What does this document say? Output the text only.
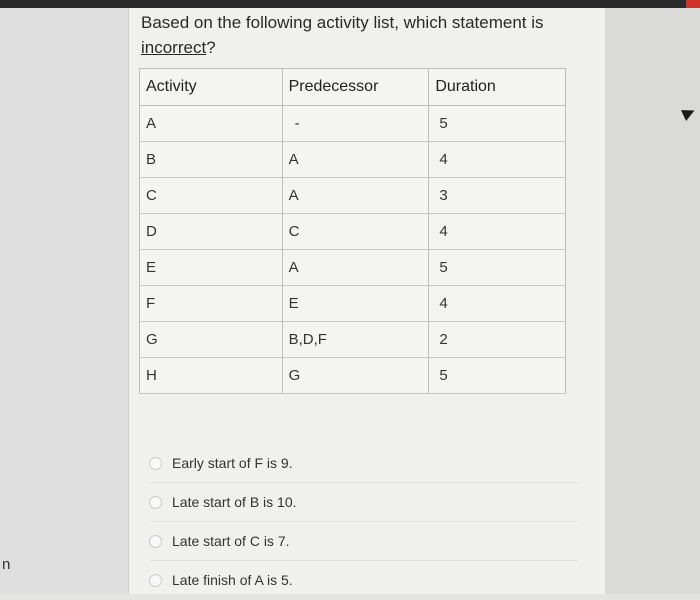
n
Based on the following activity list, which statement is incorrect?
Activity	Predecessor	Duration
A	-	5
B	A	4
C	A	3
D	C	4
E	A	5
F	E	4
G	B,D,F	2
H	G	5
Early start of F is 9.
Late start of B is 10.
Late start of C is 7.
Late finish of A is 5.
